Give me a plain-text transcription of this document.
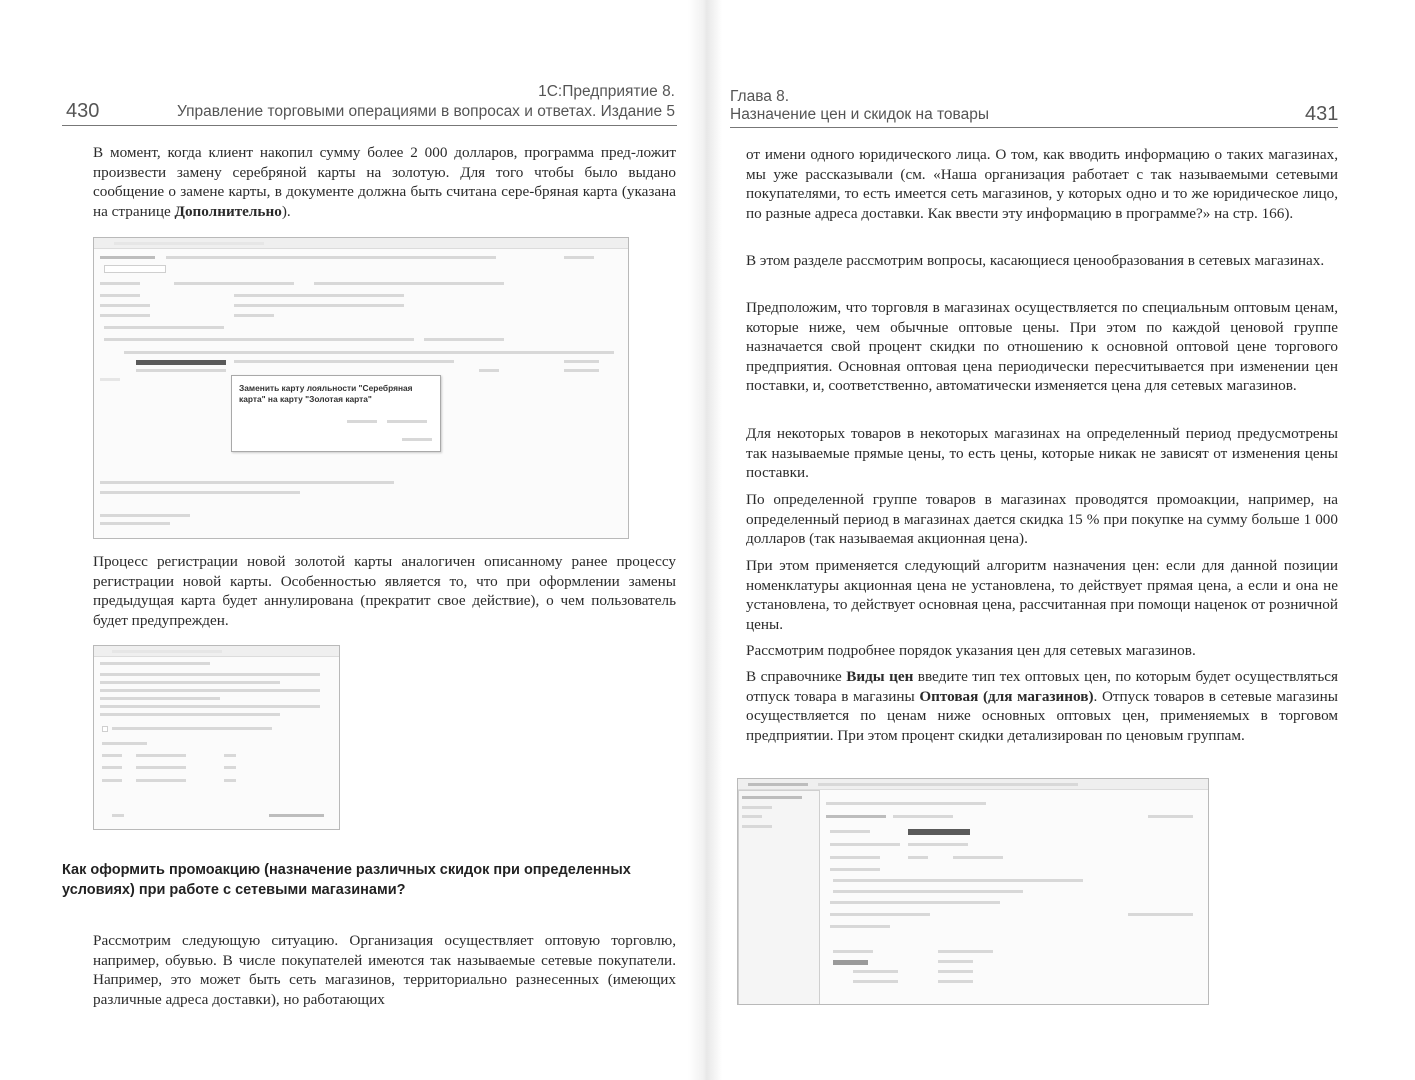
430
1С:Предприятие 8.
Управление торговыми операциями в вопросах и ответах. Издание 5
В момент, когда клиент накопил сумму более 2 000 долларов, программа пред-ложит произвести замену серебряной карты на золотую. Для того чтобы было выдано сообщение о замене карты, в документе должна быть считана сере-бряная карта (указана на странице Дополнительно).
Заменить карту лояльности "Серебряная карта" на карту "Золотая карта"
Процесс регистрации новой золотой карты аналогичен описанному ранее процессу регистрации новой карты. Особенностью является то, что при оформлении замены предыдущая карта будет аннулирована (прекратит свое действие), о чем пользователь будет предупрежден.
Как оформить промоакцию (назначение различных скидок при определенных условиях) при работе с сетевыми магазинами?
Рассмотрим следующую ситуацию. Организация осуществляет оптовую торговлю, например, обувью. В числе покупателей имеются так называемые сетевые покупатели. Например, это может быть сеть магазинов, территориально разнесенных (имеющих различные адреса доставки), но работающих
Глава 8.
Назначение цен и скидок на товары	431
от имени одного юридического лица. О том, как вводить информацию о таких магазинах, мы уже рассказывали (см. «Наша организация работает с так называемыми сетевыми покупателями, то есть имеется сеть магазинов, у которых одно и то же юридическое лицо, по разные адреса доставки. Как ввести эту информацию в программе?» на стр. 166).
В этом разделе рассмотрим вопросы, касающиеся ценообразования в сетевых магазинах.
Предположим, что торговля в магазинах осуществляется по специальным оптовым ценам, которые ниже, чем обычные оптовые цены. При этом по каждой ценовой группе назначается свой процент скидки по отношению к основной оптовой цене торгового предприятия. Основная оптовая цена периодически пересчитывается при изменении цен поставки, и, соответственно, автоматически изменяется цена для сетевых магазинов.
Для некоторых товаров в некоторых магазинах на определенный период предусмотрены так называемые прямые цены, то есть цены, которые никак не зависят от изменения цены поставки.
По определенной группе товаров в магазинах проводятся промоакции, например, на определенный период в магазинах дается скидка 15 % при покупке на сумму больше 1 000 долларов (так называемая акционная цена).
При этом применяется следующий алгоритм назначения цен: если для данной позиции номенклатуры акционная цена не установлена, то действует прямая цена, а если и она не установлена, то действует основная цена, рассчитанная при помощи наценок от розничной цены.
Рассмотрим подробнее порядок указания цен для сетевых магазинов.
В справочнике Виды цен введите тип тех оптовых цен, по которым будет осуществляться отпуск товара в магазины Оптовая (для магазинов). Отпуск товаров в сетевые магазины осуществляется по ценам ниже основных оптовых цен, применяемых в торговом предприятии. При этом процент скидки детализирован по ценовым группам.
